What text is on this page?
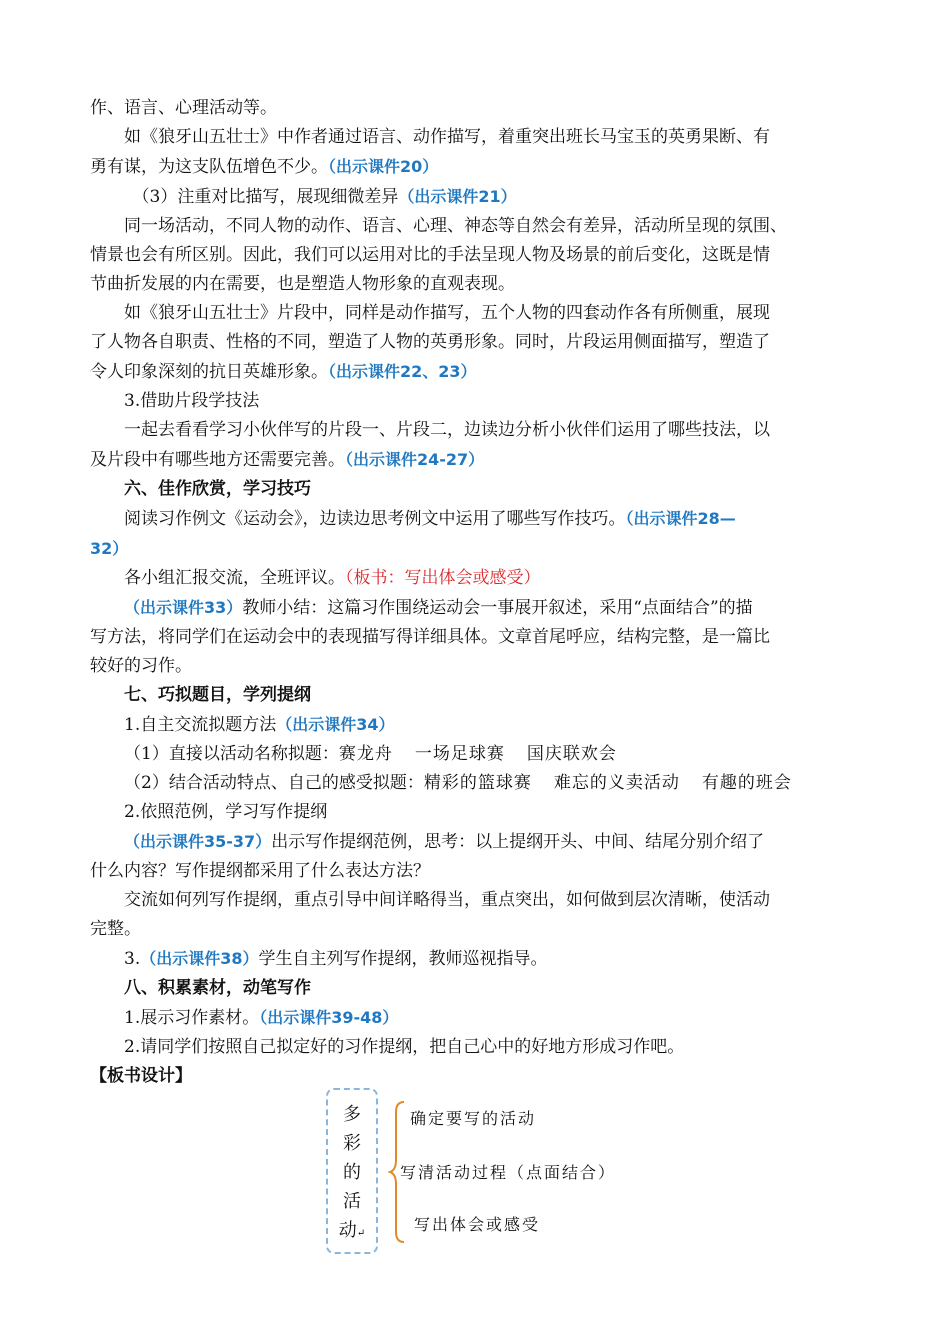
作、语言、心理活动等。

如《狼牙山五壮士》中作者通过语言、动作描写，着重突出班长马宝玉的英勇果断、有

勇有谋，为这支队伍增色不少。（出示课件20）

（3）注重对比描写，展现细微差异（出示课件21）

同一场活动，不同人物的动作、语言、心理、神态等自然会有差异，活动所呈现的氛围、

情景也会有所区别。因此，我们可以运用对比的手法呈现人物及场景的前后变化，这既是情

节曲折发展的内在需要，也是塑造人物形象的直观表现。

如《狼牙山五壮士》片段中，同样是动作描写，五个人物的四套动作各有所侧重，展现

了人物各自职责、性格的不同，塑造了人物的英勇形象。同时，片段运用侧面描写，塑造了

令人印象深刻的抗日英雄形象。（出示课件22、23）

3.借助片段学技法

一起去看看学习小伙伴写的片段一、片段二，边读边分析小伙伴们运用了哪些技法，以

及片段中有哪些地方还需要完善。（出示课件24-27）

六、佳作欣赏，学习技巧

阅读习作例文《运动会》，边读边思考例文中运用了哪些写作技巧。（出示课件28—

32）

各小组汇报交流，全班评议。（板书：写出体会或感受）

（出示课件33）教师小结：这篇习作围绕运动会一事展开叙述，采用“点面结合”的描

写方法，将同学们在运动会中的表现描写得详细具体。文章首尾呼应，结构完整，是一篇比

较好的习作。

七、巧拟题目，学列提纲

1.自主交流拟题方法（出示课件34）

（1）直接以活动名称拟题：赛龙舟 一场足球赛 国庆联欢会

（2）结合活动特点、自己的感受拟题：精彩的篮球赛 难忘的义卖活动 有趣的班会

2.依照范例，学习写作提纲

（出示课件35-37）出示写作提纲范例，思考：以上提纲开头、中间、结尾分别介绍了

什么内容？写作提纲都采用了什么表达方法？

交流如何列写作提纲，重点引导中间详略得当，重点突出，如何做到层次清晰，使活动

完整。

3.（出示课件38）学生自主列写作提纲，教师巡视指导。

八、积累素材，动笔写作

1.展示习作素材。（出示课件39-48）

2.请同学们按照自己拟定好的习作提纲，把自己心中的好地方形成习作吧。

【板书设计】

多
彩
的
活
动↵
确定要写的活动
写清活动过程（点面结合）
写出体会或感受
